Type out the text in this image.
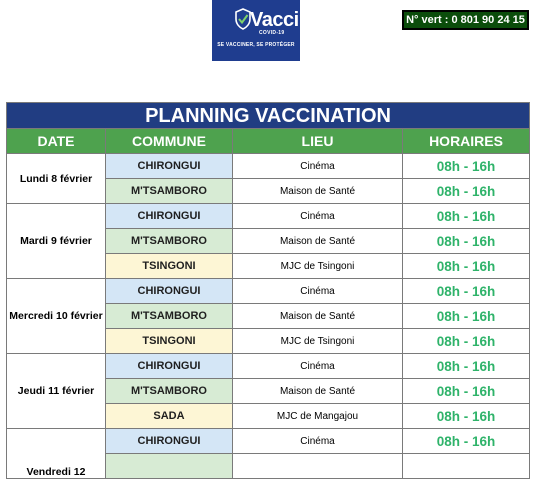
Vaccin
COVID-19
SE VACCINER, SE PROTÉGER
N° vert : 0 801 90 24 15
PLANNING VACCINATION			
DATE	COMMUNE	LIEU	HORAIRES
Lundi 8 février	CHIRONGUI	Cinéma	08h - 16h
	M'TSAMBORO	Maison de Santé	08h - 16h
Mardi 9 février	CHIRONGUI	Cinéma	08h - 16h
	M'TSAMBORO	Maison de Santé	08h - 16h
	TSINGONI	MJC de Tsingoni	08h - 16h
Mercredi 10 février	CHIRONGUI	Cinéma	08h - 16h
	M'TSAMBORO	Maison de Santé	08h - 16h
	TSINGONI	MJC de Tsingoni	08h - 16h
Jeudi 11 février	CHIRONGUI	Cinéma	08h - 16h
	M'TSAMBORO	Maison de Santé	08h - 16h
	SADA	MJC de Mangajou	08h - 16h
Vendredi 12	CHIRONGUI	Cinéma	08h - 16h
